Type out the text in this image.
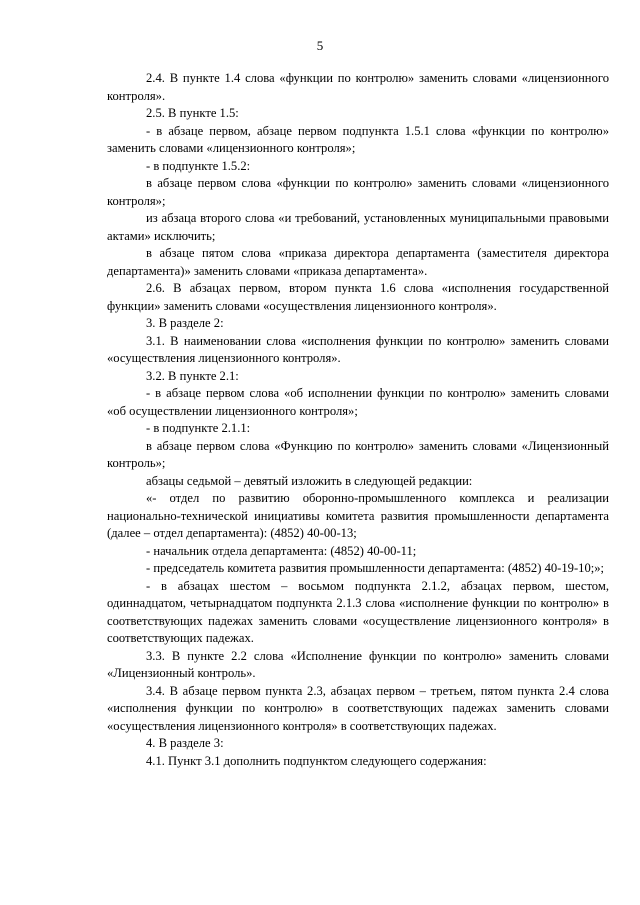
5

2.4. В пункте 1.4 слова «функции по контролю» заменить словами «лицензионного контроля».

2.5. В пункте 1.5:

- в абзаце первом, абзаце первом подпункта 1.5.1 слова «функции по контролю» заменить словами «лицензионного контроля»;

- в подпункте 1.5.2:

в абзаце первом слова «функции по контролю» заменить словами «лицензионного контроля»;

из абзаца второго слова «и требований, установленных муниципальными правовыми актами» исключить;

в абзаце пятом слова «приказа директора департамента (заместителя директора департамента)» заменить словами «приказа департамента».

2.6. В абзацах первом, втором пункта 1.6 слова «исполнения государственной функции» заменить словами «осуществления лицензионного контроля».

3. В разделе 2:

3.1. В наименовании слова «исполнения функции по контролю» заменить словами «осуществления лицензионного контроля».

3.2. В пункте 2.1:

- в абзаце первом слова «об исполнении функции по контролю» заменить словами «об осуществлении лицензионного контроля»;

- в подпункте 2.1.1:

в абзаце первом слова «Функцию по контролю» заменить словами «Лицензионный контроль»;

абзацы седьмой – девятый изложить в следующей редакции:

«- отдел по развитию оборонно-промышленного комплекса и реализации национально-технической инициативы комитета развития промышленности департамента (далее – отдел департамента): (4852) 40-00-13;

- начальник отдела департамента: (4852) 40-00-11;

- председатель комитета развития промышленности департамента: (4852) 40-19-10;»;

- в абзацах шестом – восьмом подпункта 2.1.2, абзацах первом, шестом, одиннадцатом, четырнадцатом подпункта 2.1.3 слова «исполнение функции по контролю» в соответствующих падежах заменить словами «осуществление лицензионного контроля» в соответствующих падежах.

3.3. В пункте 2.2 слова «Исполнение функции по контролю» заменить словами «Лицензионный контроль».

3.4. В абзаце первом пункта 2.3, абзацах первом – третьем, пятом пункта 2.4 слова «исполнения функции по контролю» в соответствующих падежах заменить словами «осуществления лицензионного контроля» в соответствующих падежах.

4. В разделе 3:

4.1. Пункт 3.1 дополнить подпунктом следующего содержания:
